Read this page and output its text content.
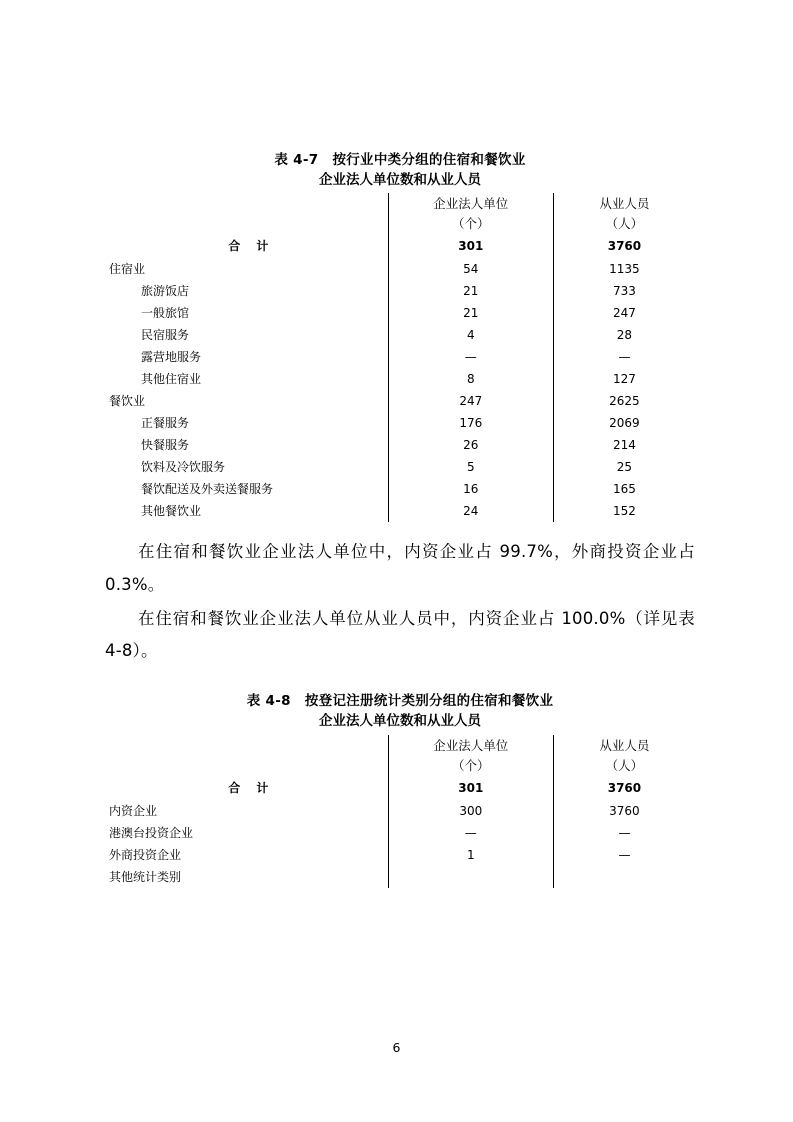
表 4-7 按行业中类分组的住宿和餐饮业
企业法人单位数和从业人员
	企业法人单位	从业人员
	（个）	（人）
合 计	301	3760
住宿业	54	1135
旅游饭店	21	733
一般旅馆	21	247
民宿服务	4	28
露营地服务	—	—
其他住宿业	8	127
餐饮业	247	2625
正餐服务	176	2069
快餐服务	26	214
饮料及冷饮服务	5	25
餐饮配送及外卖送餐服务	16	165
其他餐饮业	24	152

在住宿和餐饮业企业法人单位中，内资企业占 99.7%，外商投资企业占 0.3%。

在住宿和餐饮业企业法人单位从业人员中，内资企业占 100.0%（详见表 4-8）。

表 4-8 按登记注册统计类别分组的住宿和餐饮业
企业法人单位数和从业人员
	企业法人单位	从业人员
	（个）	（人）
合 计	301	3760
内资企业	300	3760
港澳台投资企业	—	—
外商投资企业	1	—
其他统计类别		
6
